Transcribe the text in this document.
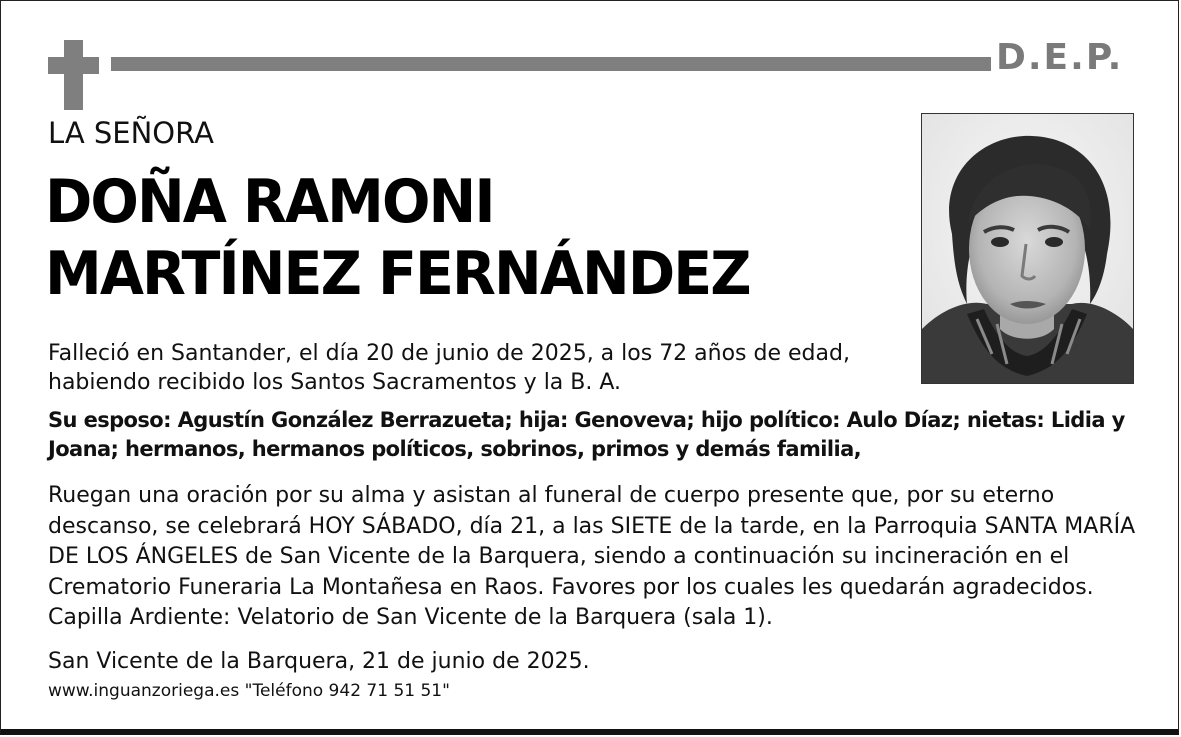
D.E.P.
LA SEÑORA
DOÑA RAMONI
MARTÍNEZ FERNÁNDEZ
Falleció en Santander, el día 20 de junio de 2025, a los 72 años de edad,
habiendo recibido los Santos Sacramentos y la B. A.
Su esposo: Agustín González Berrazueta; hija: Genoveva; hijo político: Aulo Díaz; nietas: Lidia y Joana; hermanos, hermanos políticos, sobrinos, primos y demás familia,
Ruegan una oración por su alma y asistan al funeral de cuerpo presente que, por su eterno descanso, se celebrará HOY SÁBADO, día 21, a las SIETE de la tarde, en la Parroquia SANTA MARÍA DE LOS ÁNGELES de San Vicente de la Barquera, siendo a continuación su incineración en el Crematorio Funeraria La Montañesa en Raos. Favores por los cuales les quedarán agradecidos. Capilla Ardiente: Velatorio de San Vicente de la Barquera (sala 1).
San Vicente de la Barquera, 21 de junio de 2025.
www.inguanzoriega.es "Teléfono 942 71 51 51"
